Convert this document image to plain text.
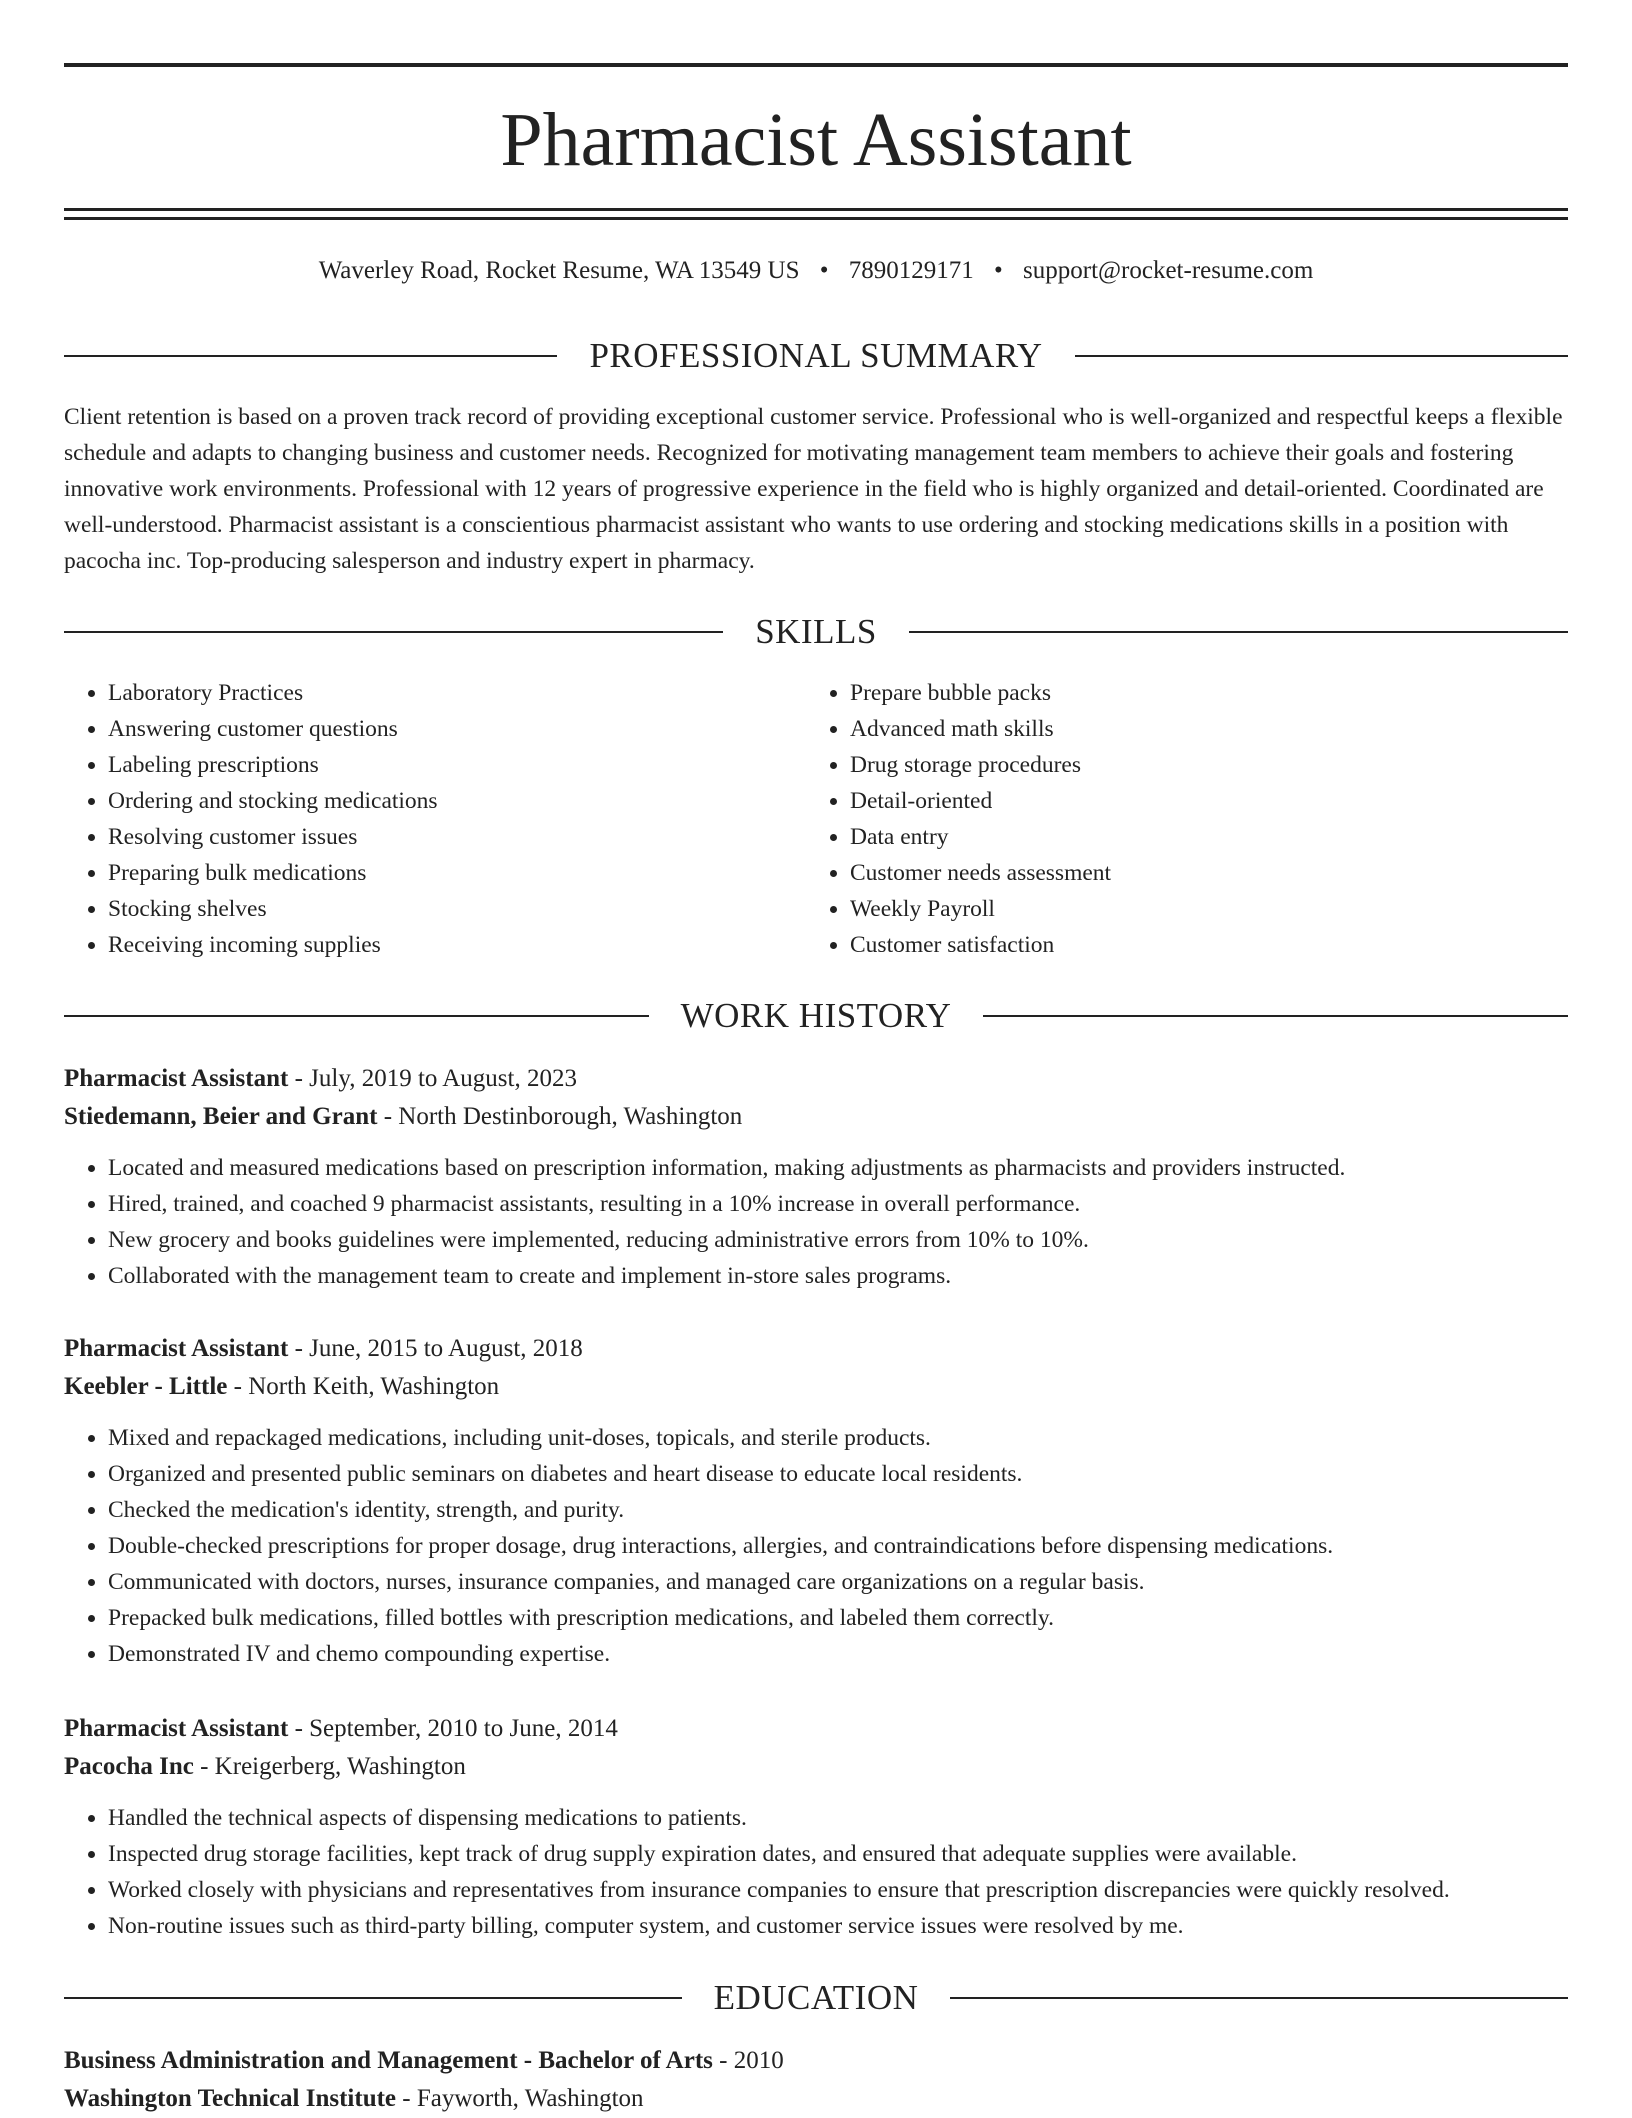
Pharmacist Assistant
Waverley Road, Rocket Resume, WA 13549 US • 7890129171 • support@rocket-resume.com
PROFESSIONAL SUMMARY

Client retention is based on a proven track record of providing exceptional customer service. Professional who is well-organized and respectful keeps a flexible schedule and adapts to changing business and customer needs. Recognized for motivating management team members to achieve their goals and fostering innovative work environments. Professional with 12 years of progressive experience in the field who is highly organized and detail-oriented. Coordinated are well-understood. Pharmacist assistant is a conscientious pharmacist assistant who wants to use ordering and stocking medications skills in a position with pacocha inc. Top-producing salesperson and industry expert in pharmacy.

SKILLS
• Laboratory Practices
• Answering customer questions
• Labeling prescriptions
• Ordering and stocking medications
• Resolving customer issues
• Preparing bulk medications
• Stocking shelves
• Receiving incoming supplies
• Prepare bubble packs
• Advanced math skills
• Drug storage procedures
• Detail-oriented
• Data entry
• Customer needs assessment
• Weekly Payroll
• Customer satisfaction
WORK HISTORY
Pharmacist Assistant - July, 2019 to August, 2023
Stiedemann, Beier and Grant - North Destinborough, Washington
• Located and measured medications based on prescription information, making adjustments as pharmacists and providers instructed.
• Hired, trained, and coached 9 pharmacist assistants, resulting in a 10% increase in overall performance.
• New grocery and books guidelines were implemented, reducing administrative errors from 10% to 10%.
• Collaborated with the management team to create and implement in-store sales programs.
Pharmacist Assistant - June, 2015 to August, 2018
Keebler - Little - North Keith, Washington
• Mixed and repackaged medications, including unit-doses, topicals, and sterile products.
• Organized and presented public seminars on diabetes and heart disease to educate local residents.
• Checked the medication's identity, strength, and purity.
• Double-checked prescriptions for proper dosage, drug interactions, allergies, and contraindications before dispensing medications.
• Communicated with doctors, nurses, insurance companies, and managed care organizations on a regular basis.
• Prepacked bulk medications, filled bottles with prescription medications, and labeled them correctly.
• Demonstrated IV and chemo compounding expertise.
Pharmacist Assistant - September, 2010 to June, 2014
Pacocha Inc - Kreigerberg, Washington
• Handled the technical aspects of dispensing medications to patients.
• Inspected drug storage facilities, kept track of drug supply expiration dates, and ensured that adequate supplies were available.
• Worked closely with physicians and representatives from insurance companies to ensure that prescription discrepancies were quickly resolved.
• Non-routine issues such as third-party billing, computer system, and customer service issues were resolved by me.
EDUCATION
Business Administration and Management - Bachelor of Arts - 2010
Washington Technical Institute - Fayworth, Washington
